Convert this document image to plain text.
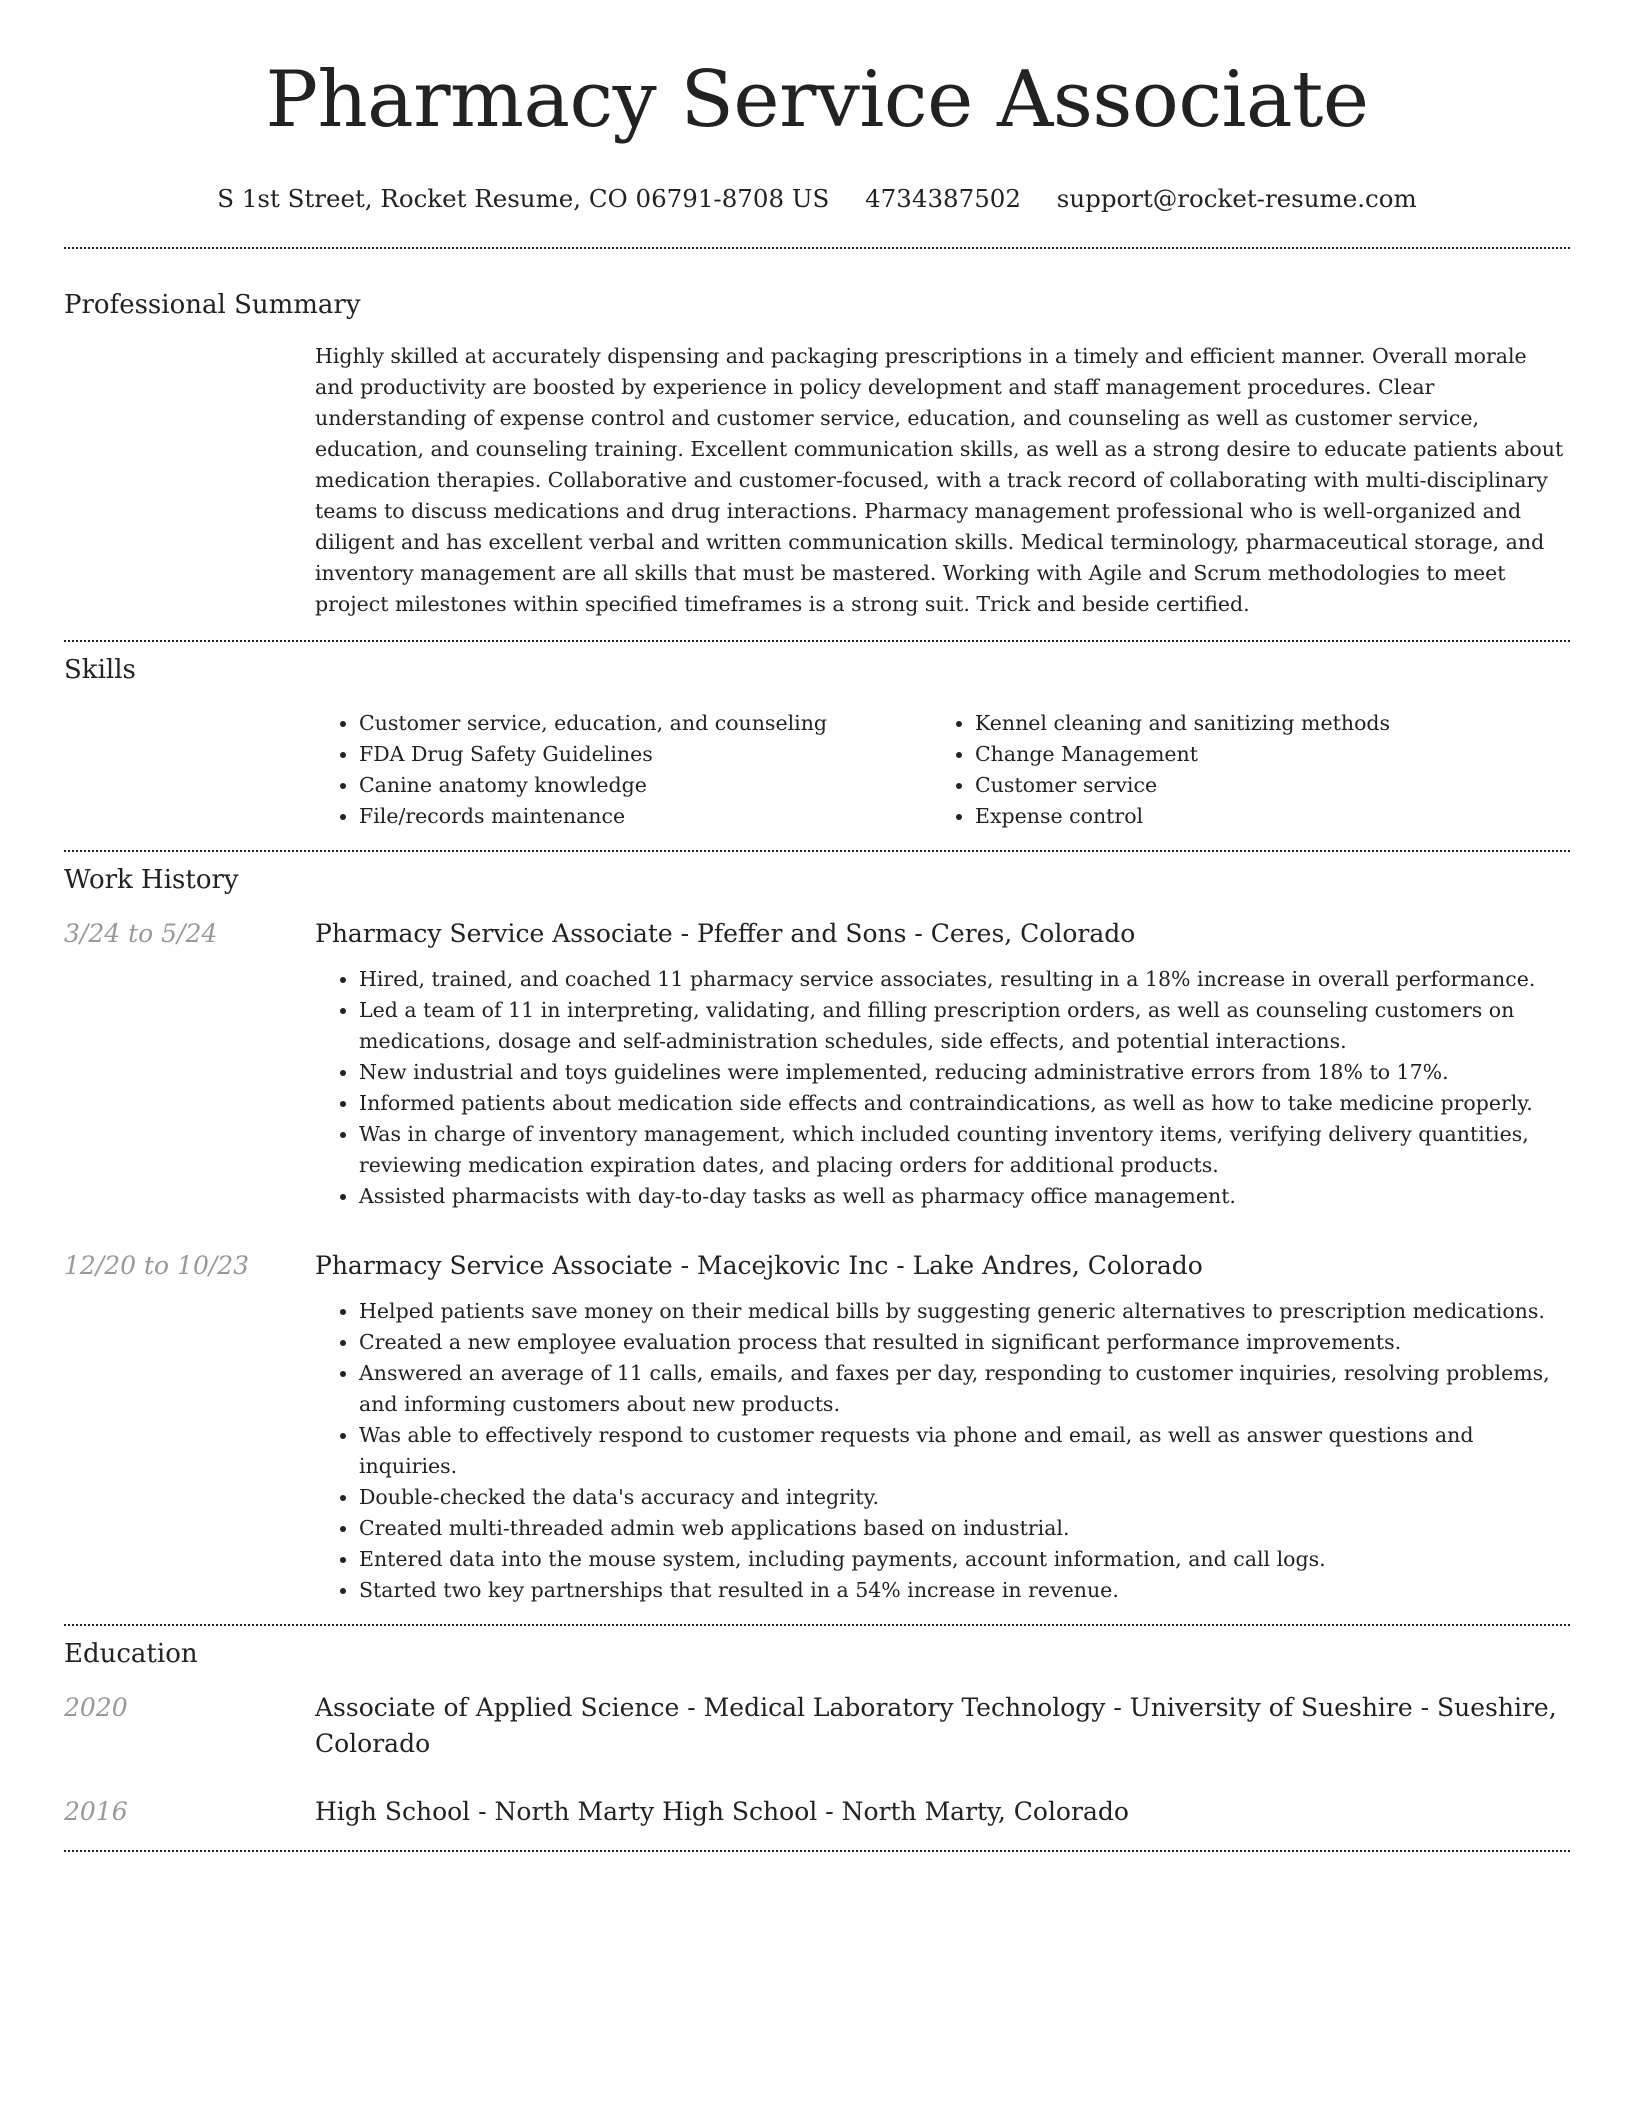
Pharmacy Service Associate
S 1st Street, Rocket Resume, CO 06791-8708 US 4734387502 support@rocket-resume.com
Professional Summary

Highly skilled at accurately dispensing and packaging prescriptions in a timely and efficient manner. Overall morale and productivity are boosted by experience in policy development and staff management procedures. Clear understanding of expense control and customer service, education, and counseling as well as customer service, education, and counseling training. Excellent communication skills, as well as a strong desire to educate patients about medication therapies. Collaborative and customer-focused, with a track record of collaborating with multi-disciplinary teams to discuss medications and drug interactions. Pharmacy management professional who is well-organized and diligent and has excellent verbal and written communication skills. Medical terminology, pharmaceutical storage, and inventory management are all skills that must be mastered. Working with Agile and Scrum methodologies to meet project milestones within specified timeframes is a strong suit. Trick and beside certified.

Skills
• Customer service, education, and counseling
• FDA Drug Safety Guidelines
• Canine anatomy knowledge
• File/records maintenance
• Kennel cleaning and sanitizing methods
• Change Management
• Customer service
• Expense control
Work History
3/24 to 5/24	Pharmacy Service Associate - Pfeffer and Sons - Ceres, Colorado
• Hired, trained, and coached 11 pharmacy service associates, resulting in a 18% increase in overall performance.
• Led a team of 11 in interpreting, validating, and filling prescription orders, as well as counseling customers on medications, dosage and self-administration schedules, side effects, and potential interactions.
• New industrial and toys guidelines were implemented, reducing administrative errors from 18% to 17%.
• Informed patients about medication side effects and contraindications, as well as how to take medicine properly.
• Was in charge of inventory management, which included counting inventory items, verifying delivery quantities, reviewing medication expiration dates, and placing orders for additional products.
• Assisted pharmacists with day-to-day tasks as well as pharmacy office management.
12/20 to 10/23	Pharmacy Service Associate - Macejkovic Inc - Lake Andres, Colorado
• Helped patients save money on their medical bills by suggesting generic alternatives to prescription medications.
• Created a new employee evaluation process that resulted in significant performance improvements.
• Answered an average of 11 calls, emails, and faxes per day, responding to customer inquiries, resolving problems, and informing customers about new products.
• Was able to effectively respond to customer requests via phone and email, as well as answer questions and inquiries.
• Double-checked the data's accuracy and integrity.
• Created multi-threaded admin web applications based on industrial.
• Entered data into the mouse system, including payments, account information, and call logs.
• Started two key partnerships that resulted in a 54% increase in revenue.
Education
2020	Associate of Applied Science - Medical Laboratory Technology - University of Sueshire - Sueshire, Colorado
2016	High School - North Marty High School - North Marty, Colorado
